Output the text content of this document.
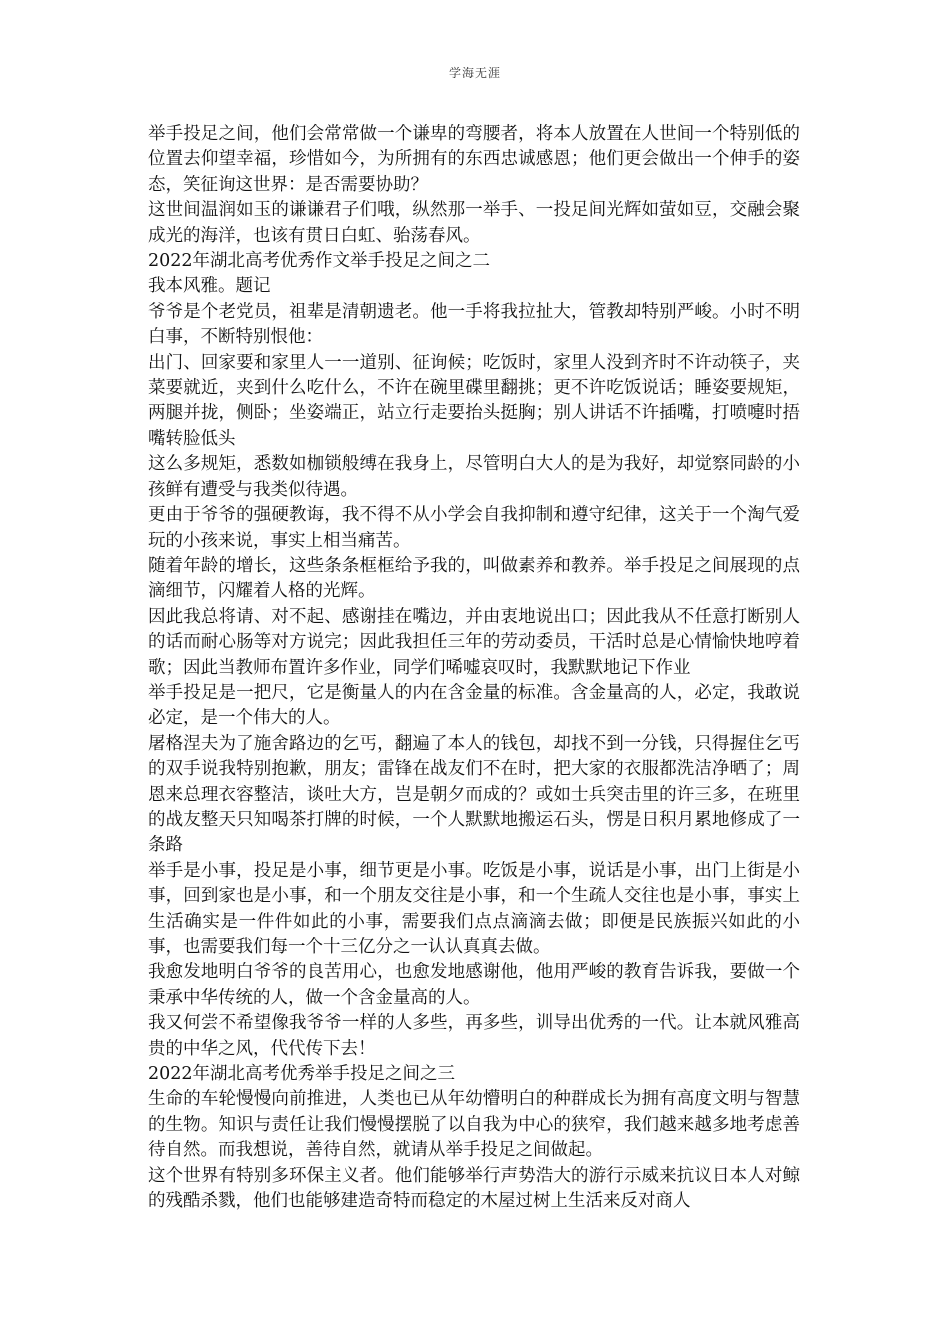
学海无涯

举手投足之间，他们会常常做一个谦卑的弯腰者，将本人放置在人世间一个特别低的位置去仰望幸福，珍惜如今，为所拥有的东西忠诚感恩；他们更会做出一个伸手的姿态，笑征询这世界：是否需要协助？

这世间温润如玉的谦谦君子们哦，纵然那一举手、一投足间光辉如萤如豆，交融会聚成光的海洋，也该有贯日白虹、骀荡春风。

2022年湖北高考优秀作文举手投足之间之二

我本风雅。题记

爷爷是个老党员，祖辈是清朝遗老。他一手将我拉扯大，管教却特别严峻。小时不明白事，不断特别恨他：

出门、回家要和家里人一一道别、征询候；吃饭时，家里人没到齐时不许动筷子，夹菜要就近，夹到什么吃什么，不许在碗里碟里翻挑；更不许吃饭说话；睡姿要规矩，两腿并拢，侧卧；坐姿端正，站立行走要抬头挺胸；别人讲话不许插嘴，打喷嚏时捂嘴转脸低头

这么多规矩，悉数如枷锁般缚在我身上，尽管明白大人的是为我好，却觉察同龄的小孩鲜有遭受与我类似待遇。

更由于爷爷的强硬教诲，我不得不从小学会自我抑制和遵守纪律，这关于一个淘气爱玩的小孩来说，事实上相当痛苦。

随着年龄的增长，这些条条框框给予我的，叫做素养和教养。举手投足之间展现的点滴细节，闪耀着人格的光辉。

因此我总将请、对不起、感谢挂在嘴边，并由衷地说出口；因此我从不任意打断别人的话而耐心肠等对方说完；因此我担任三年的劳动委员，干活时总是心情愉快地哼着歌；因此当教师布置许多作业，同学们唏嘘哀叹时，我默默地记下作业

举手投足是一把尺，它是衡量人的内在含金量的标准。含金量高的人，必定，我敢说必定，是一个伟大的人。

屠格涅夫为了施舍路边的乞丐，翻遍了本人的钱包，却找不到一分钱，只得握住乞丐的双手说我特别抱歉，朋友；雷锋在战友们不在时，把大家的衣服都洗洁净晒了；周恩来总理衣容整洁，谈吐大方，岂是朝夕而成的？或如士兵突击里的许三多，在班里的战友整天只知喝茶打牌的时候，一个人默默地搬运石头，愣是日积月累地修成了一条路

举手是小事，投足是小事，细节更是小事。吃饭是小事，说话是小事，出门上街是小事，回到家也是小事，和一个朋友交往是小事，和一个生疏人交往也是小事，事实上生活确实是一件件如此的小事，需要我们点点滴滴去做；即便是民族振兴如此的小事，也需要我们每一个十三亿分之一认认真真去做。

我愈发地明白爷爷的良苦用心，也愈发地感谢他，他用严峻的教育告诉我，要做一个秉承中华传统的人，做一个含金量高的人。

我又何尝不希望像我爷爷一样的人多些，再多些，训导出优秀的一代。让本就风雅高贵的中华之风，代代传下去！

2022年湖北高考优秀举手投足之间之三

生命的车轮慢慢向前推进，人类也已从年幼懵明白的种群成长为拥有高度文明与智慧的生物。知识与责任让我们慢慢摆脱了以自我为中心的狭窄，我们越来越多地考虑善待自然。而我想说，善待自然，就请从举手投足之间做起。

这个世界有特别多环保主义者。他们能够举行声势浩大的游行示威来抗议日本人对鲸的残酷杀戮，他们也能够建造奇特而稳定的木屋过树上生活来反对商人
